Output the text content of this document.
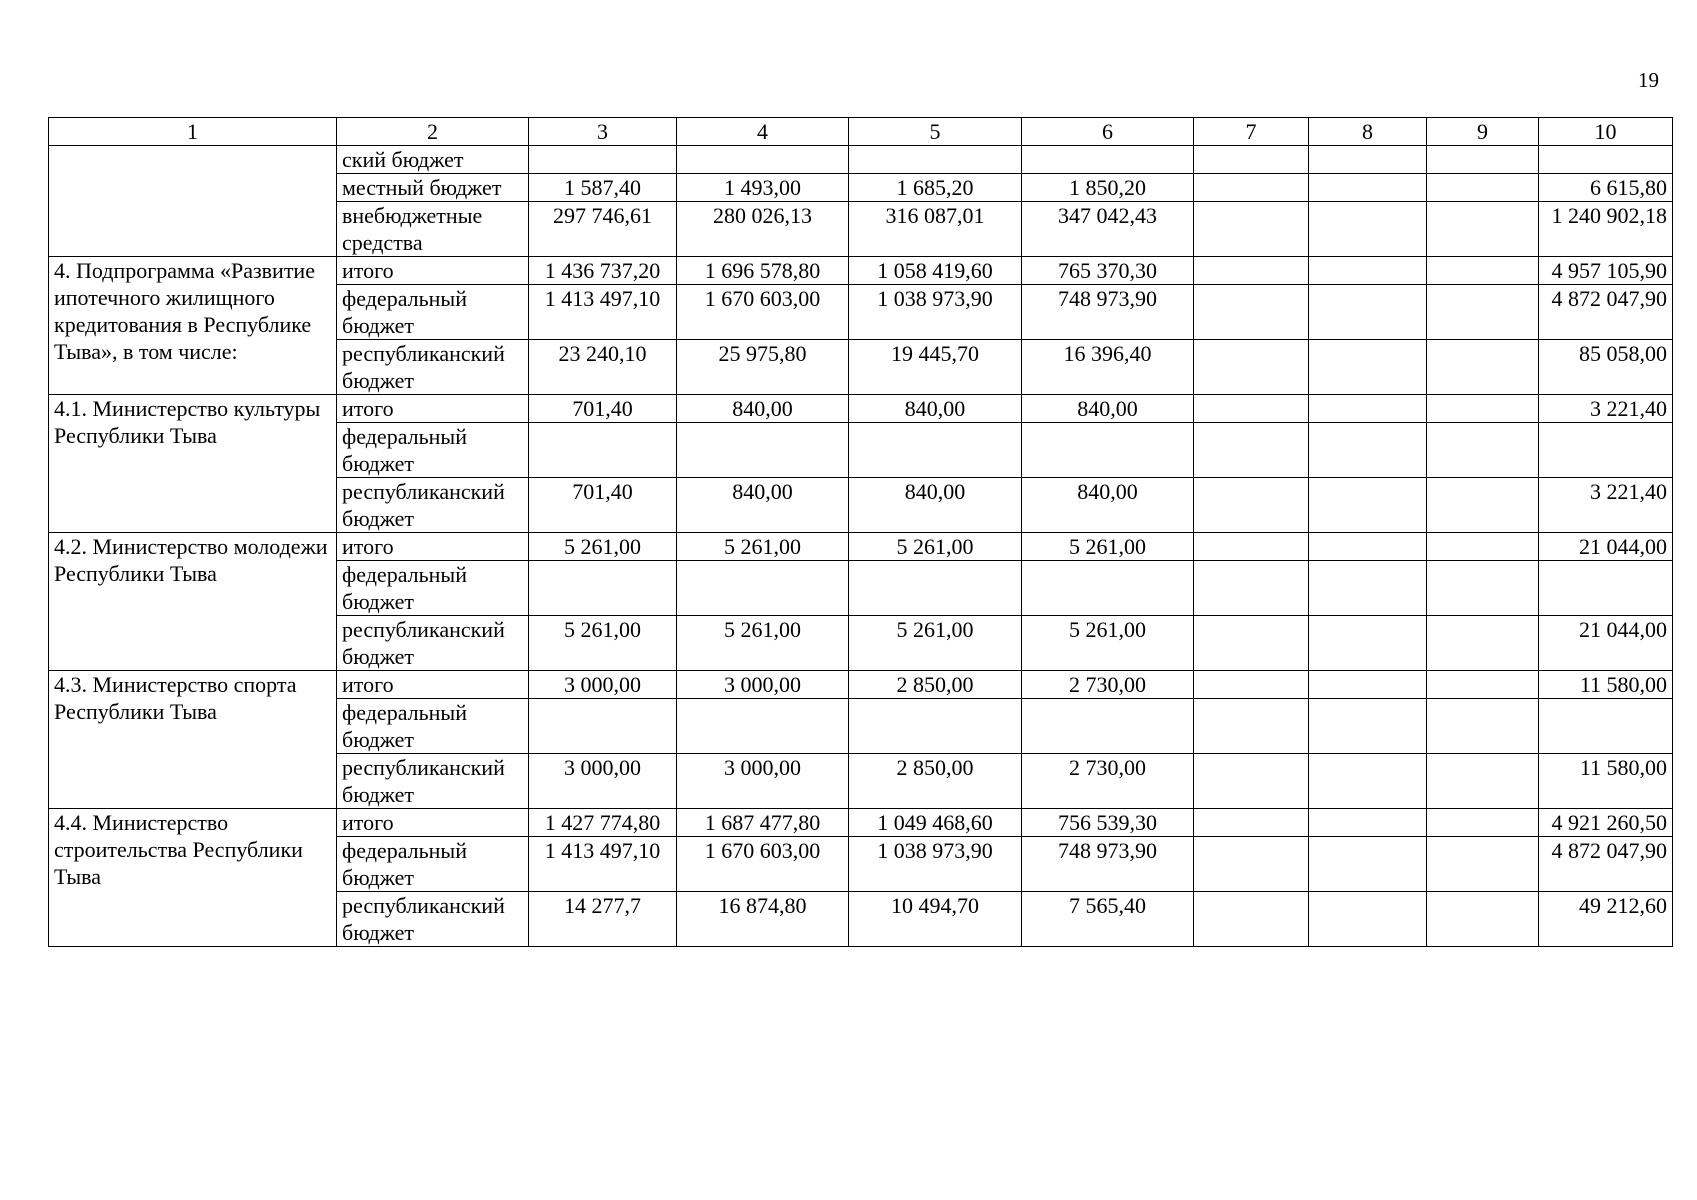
19
1	2	3	4	5	6	7	8	9	10
	ский бюджет								
	местный бюджет	1 587,40	1 493,00	1 685,20	1 850,20				6 615,80
	внебюджетные средства	297 746,61	280 026,13	316 087,01	347 042,43				1 240 902,18
4. Подпрограмма «Развитие ипотечного жилищного кредитования в Республике Тыва», в том числе:	итого	1 436 737,20	1 696 578,80	1 058 419,60	765 370,30				4 957 105,90
	федеральный бюджет	1 413 497,10	1 670 603,00	1 038 973,90	748 973,90				4 872 047,90
	республиканский бюджет	23 240,10	25 975,80	19 445,70	16 396,40				85 058,00
4.1. Министерство культуры Республики Тыва	итого	701,40	840,00	840,00	840,00				3 221,40
	федеральный бюджет								
	республиканский бюджет	701,40	840,00	840,00	840,00				3 221,40
4.2. Министерство молодежи Республики Тыва	итого	5 261,00	5 261,00	5 261,00	5 261,00				21 044,00
	федеральный бюджет								
	республиканский бюджет	5 261,00	5 261,00	5 261,00	5 261,00				21 044,00
4.3. Министерство спорта Республики Тыва	итого	3 000,00	3 000,00	2 850,00	2 730,00				11 580,00
	федеральный бюджет								
	республиканский бюджет	3 000,00	3 000,00	2 850,00	2 730,00				11 580,00
4.4. Министерство строительства Республики Тыва	итого	1 427 774,80	1 687 477,80	1 049 468,60	756 539,30				4 921 260,50
	федеральный бюджет	1 413 497,10	1 670 603,00	1 038 973,90	748 973,90				4 872 047,90
	республиканский бюджет	14 277,7	16 874,80	10 494,70	7 565,40				49 212,60
